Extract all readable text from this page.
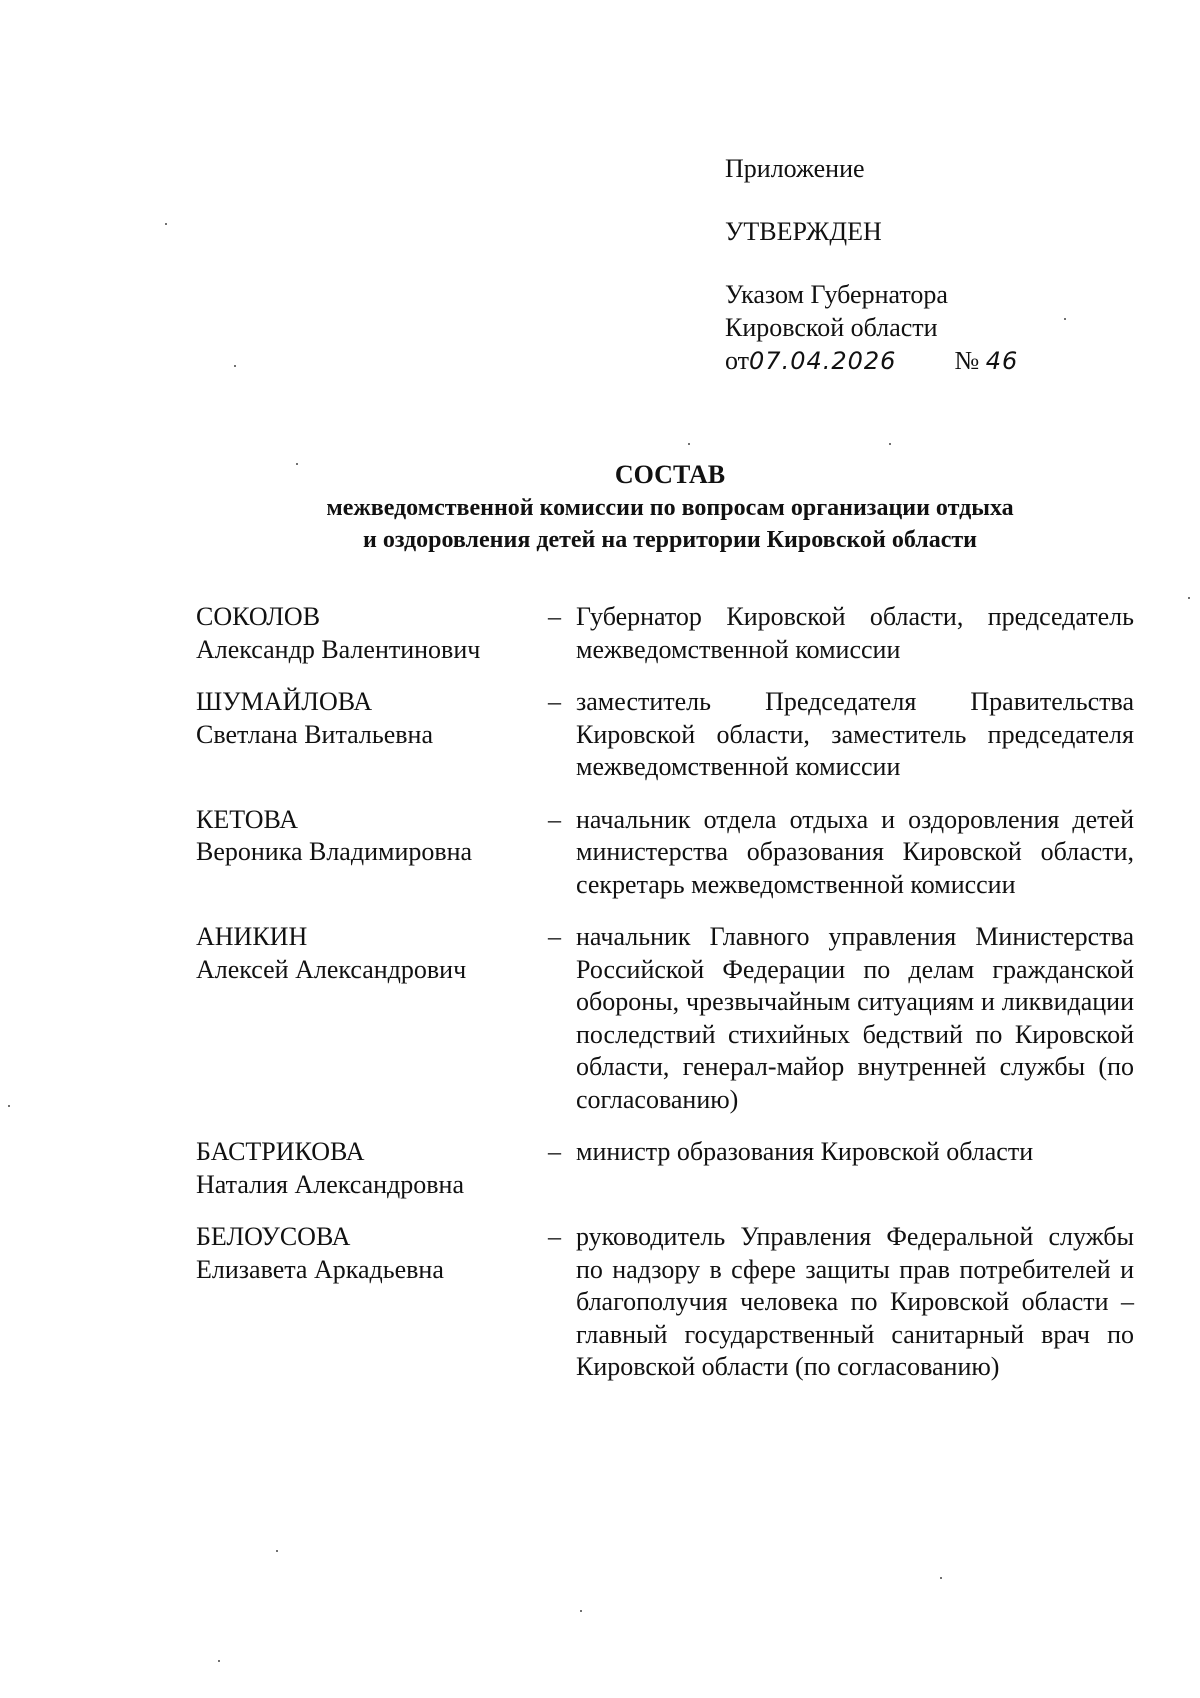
Приложение
УТВЕРЖДЕН
Указом Губернатора
Кировской области
от07.04.2026 № 46
СОСТАВ
межведомственной комиссии по вопросам организации отдыха
и оздоровления детей на территории Кировской области
СОКОЛОВ
Александр Валентинович
– Губернатор Кировской области, председатель межведомственной комиссии
ШУМАЙЛОВА
Светлана Витальевна
– заместитель Председателя Правительства Кировской области, заместитель председателя межведомственной комиссии
КЕТОВА
Вероника Владимировна
– начальник отдела отдыха и оздоровления детей министерства образования Кировской области, секретарь межведомственной комиссии
АНИКИН
Алексей Александрович
– начальник Главного управления Министерства Российской Федерации по делам гражданской обороны, чрезвычайным ситуациям и ликвидации последствий стихийных бедствий по Кировской области, генерал-майор внутренней службы (по согласованию)
БАСТРИКОВА
Наталия Александровна
– министр образования Кировской области
БЕЛОУСОВА
Елизавета Аркадьевна
– руководитель Управления Федеральной службы по надзору в сфере защиты прав потребителей и благополучия человека по Кировской области – главный государственный санитарный врач по Кировской области (по согласованию)
